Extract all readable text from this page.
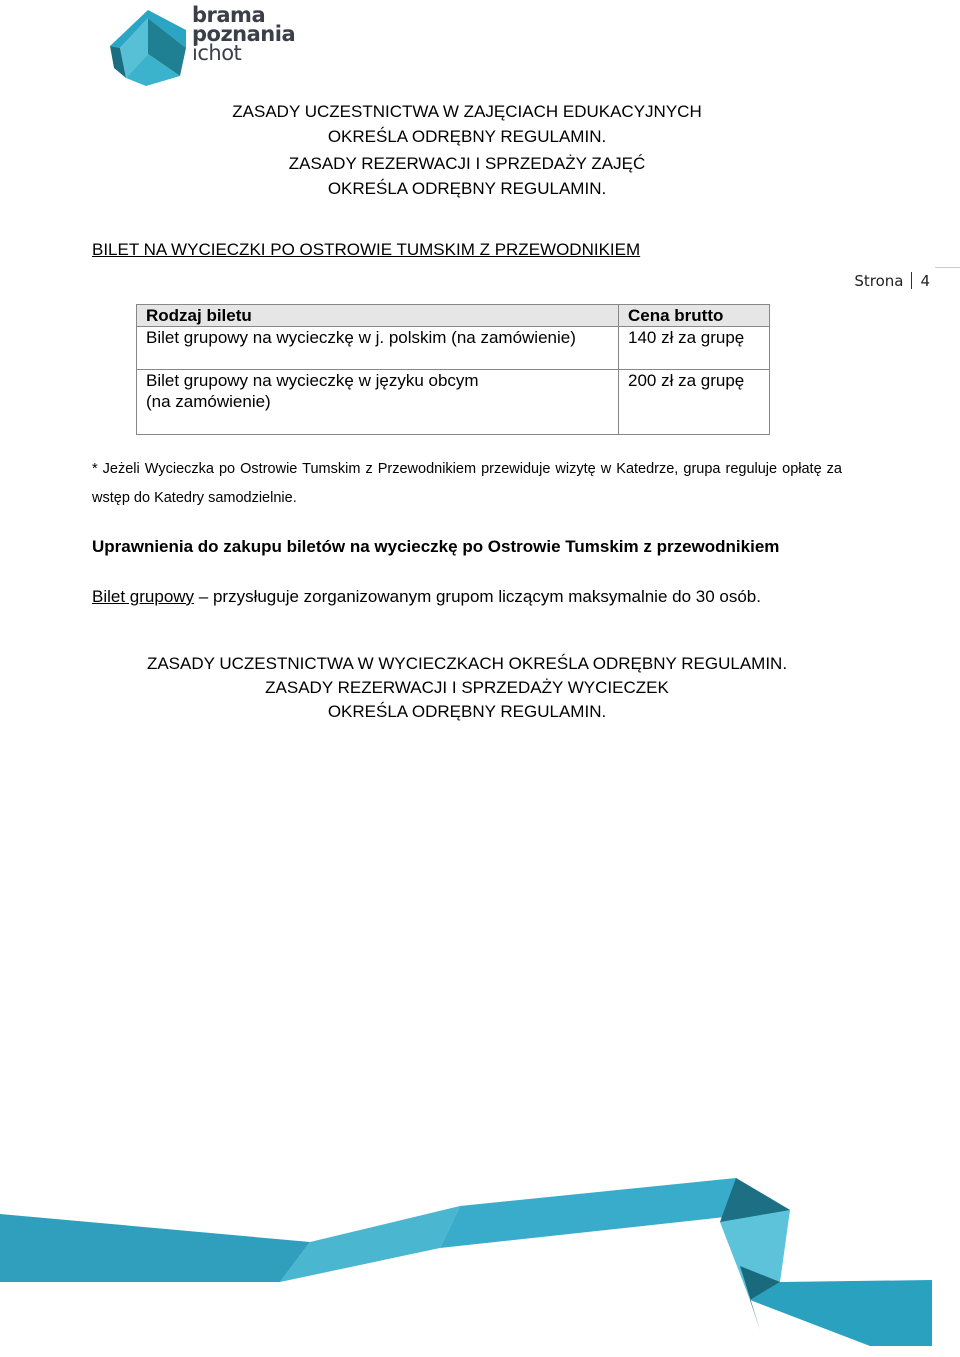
brama
poznania
ichot
ZASADY UCZESTNICTWA W ZAJĘCIACH EDUKACYJNYCH
OKREŚLA ODRĘBNY REGULAMIN.
ZASADY REZERWACJI I SPRZEDAŻY ZAJĘĆ
OKREŚLA ODRĘBNY REGULAMIN.
BILET NA WYCIECZKI PO OSTROWIE TUMSKIM Z PRZEWODNIKIEM
Strona 4
Rodzaj biletu	Cena brutto
Bilet grupowy na wycieczkę w j. polskim (na zamówienie)	140 zł za grupę

Bilet grupowy na wycieczkę w języku obcym
(na zamówienie)	200 zł za grupę
* Jeżeli Wycieczka po Ostrowie Tumskim z Przewodnikiem przewiduje wizytę w Katedrze, grupa reguluje opłatę za wstęp do Katedry samodzielnie.
Uprawnienia do zakupu biletów na wycieczkę po Ostrowie Tumskim z przewodnikiem
Bilet grupowy – przysługuje zorganizowanym grupom liczącym maksymalnie do 30 osób.
ZASADY UCZESTNICTWA W WYCIECZKACH OKREŚLA ODRĘBNY REGULAMIN.
ZASADY REZERWACJI I SPRZEDAŻY WYCIECZEK
OKREŚLA ODRĘBNY REGULAMIN.
